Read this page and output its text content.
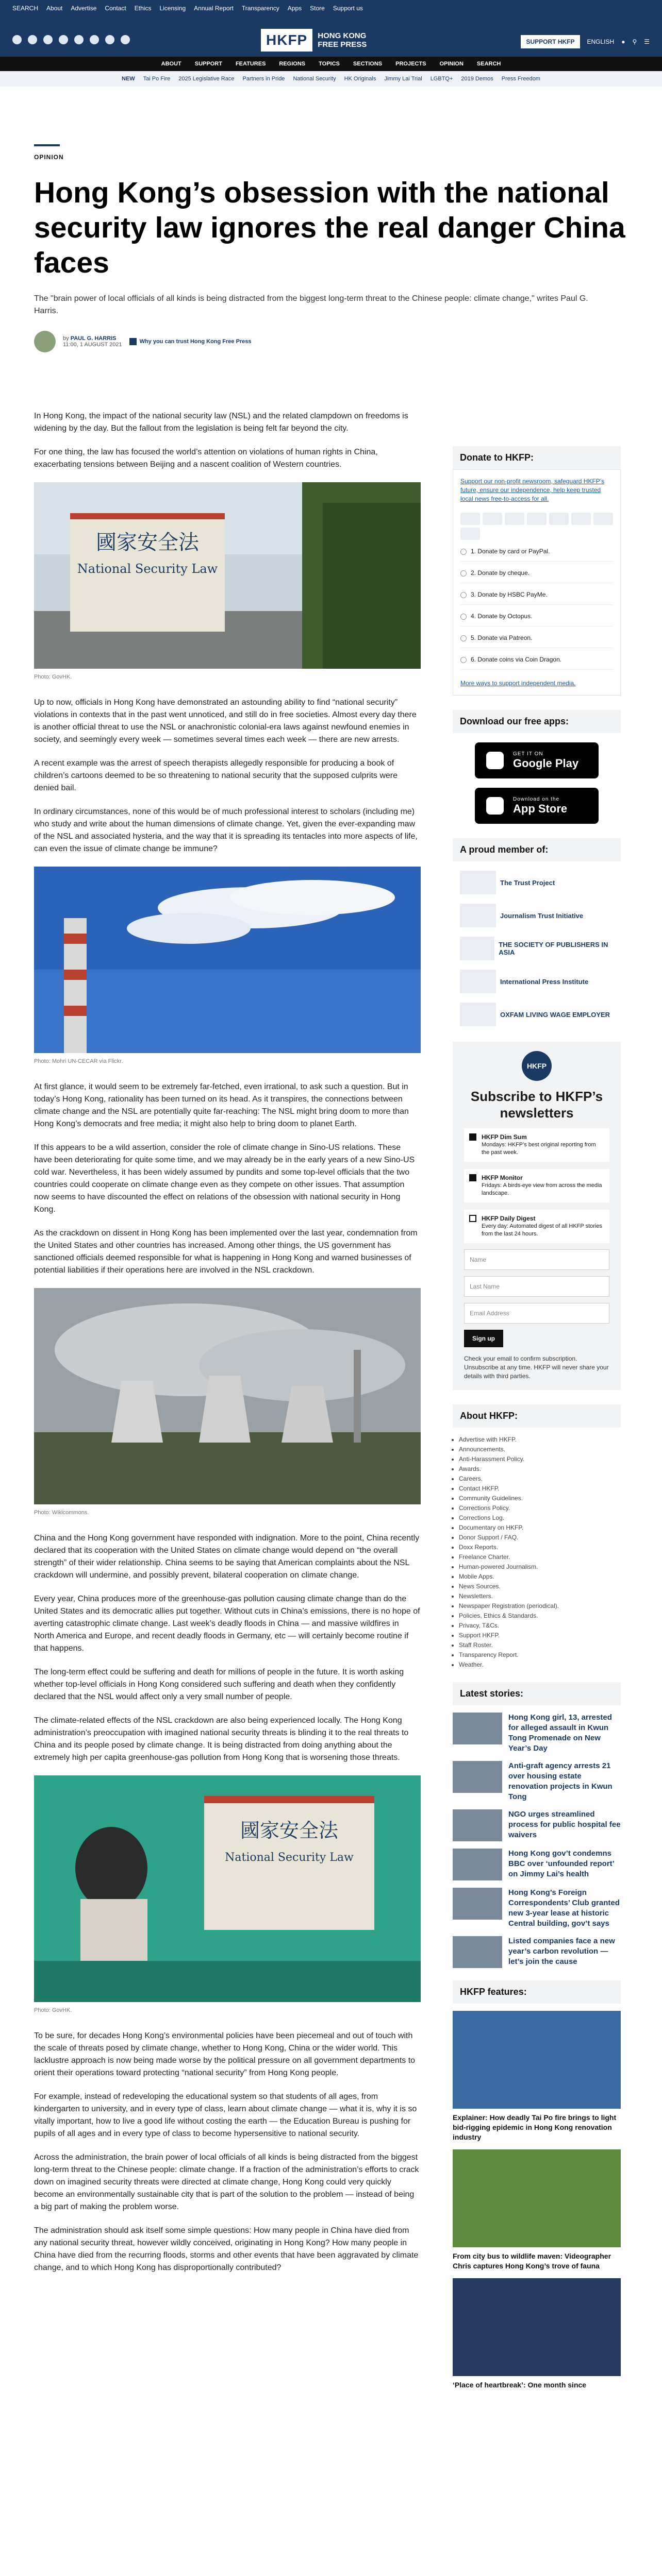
SEARCH About Advertise Contact Ethics Licensing Annual Report Transparency Apps Store Support us
HKFP	HONG KONG
FREE PRESS	SUPPORT HKFP	ENGLISH ● ⚲ ☰
ABOUT SUPPORT FEATURES REGIONS TOPICS SECTIONS PROJECTS OPINION SEARCH
NEW Tai Po Fire 2025 Legislative Race Partners in Pride National Security HK Originals Jimmy Lai Trial LGBTQ+ 2019 Demos Press Freedom
OPINION
Hong Kong’s obsession with the national security law ignores the real danger China faces
The "brain power of local officials of all kinds is being distracted from the biggest long-term threat to the Chinese people: climate change," writes Paul G. Harris.
by PAUL G. HARRIS
11:00, 1 AUGUST 2021	Why you can trust Hong Kong Free Press

In Hong Kong, the impact of the national security law (NSL) and the related clampdown on freedoms is widening by the day. But the fallout from the legislation is being felt far beyond the city.

For one thing, the law has focused the world’s attention on violations of human rights in China, exacerbating tensions between Beijing and a nascent coalition of Western countries.

國家安全法
National Security Law
Photo: GovHK.

Up to now, officials in Hong Kong have demonstrated an astounding ability to find “national security” violations in contexts that in the past went unnoticed, and still do in free societies. Almost every day there is another official threat to use the NSL or anachronistic colonial-era laws against newfound enemies in society, and seemingly every week — sometimes several times each week — there are new arrests.

A recent example was the arrest of speech therapists allegedly responsible for producing a book of children’s cartoons deemed to be so threatening to national security that the supposed culprits were denied bail.

In ordinary circumstances, none of this would be of much professional interest to scholars (including me) who study and write about the human dimensions of climate change. Yet, given the ever-expanding maw of the NSL and associated hysteria, and the way that it is spreading its tentacles into more aspects of life, can even the issue of climate change be immune?

Photo: Mohri UN-CECAR via Flickr.

At first glance, it would seem to be extremely far-fetched, even irrational, to ask such a question. But in today’s Hong Kong, rationality has been turned on its head. As it transpires, the connections between climate change and the NSL are potentially quite far-reaching: The NSL might bring doom to more than Hong Kong’s democrats and free media; it might also help to bring doom to planet Earth.

If this appears to be a wild assertion, consider the role of climate change in Sino-US relations. These have been deteriorating for quite some time, and we may already be in the early years of a new Sino-US cold war. Nevertheless, it has been widely assumed by pundits and some top-level officials that the two countries could cooperate on climate change even as they compete on other issues. That assumption now seems to have discounted the effect on relations of the obsession with national security in Hong Kong.

As the crackdown on dissent in Hong Kong has been implemented over the last year, condemnation from the United States and other countries has increased. Among other things, the US government has sanctioned officials deemed responsible for what is happening in Hong Kong and warned businesses of potential liabilities if their operations here are involved in the NSL crackdown.

Photo: Wikicommons.

China and the Hong Kong government have responded with indignation. More to the point, China recently declared that its cooperation with the United States on climate change would depend on “the overall strength” of their wider relationship. China seems to be saying that American complaints about the NSL crackdown will undermine, and possibly prevent, bilateral cooperation on climate change.

Every year, China produces more of the greenhouse-gas pollution causing climate change than do the United States and its democratic allies put together. Without cuts in China’s emissions, there is no hope of averting catastrophic climate change. Last week’s deadly floods in China — and massive wildfires in North America and Europe, and recent deadly floods in Germany, etc — will certainly become routine if that happens.

The long-term effect could be suffering and death for millions of people in the future. It is worth asking whether top-level officials in Hong Kong considered such suffering and death when they confidently declared that the NSL would affect only a very small number of people.

The climate-related effects of the NSL crackdown are also being experienced locally. The Hong Kong administration’s preoccupation with imagined national security threats is blinding it to the real threats to China and its people posed by climate change. It is being distracted from doing anything about the extremely high per capita greenhouse-gas pollution from Hong Kong that is worsening those threats.

國家安全法
National Security Law
Photo: GovHK.

To be sure, for decades Hong Kong’s environmental policies have been piecemeal and out of touch with the scale of threats posed by climate change, whether to Hong Kong, China or the wider world. This lacklustre approach is now being made worse by the political pressure on all government departments to orient their operations toward protecting “national security” from Hong Kong people.

For example, instead of redeveloping the educational system so that students of all ages, from kindergarten to university, and in every type of class, learn about climate change — what it is, why it is so vitally important, how to live a good life without costing the earth — the Education Bureau is pushing for pupils of all ages and in every type of class to become hypersensitive to national security.

Across the administration, the brain power of local officials of all kinds is being distracted from the biggest long-term threat to the Chinese people: climate change. If a fraction of the administration’s efforts to crack down on imagined security threats were directed at climate change, Hong Kong could very quickly become an environmentally sustainable city that is part of the solution to the problem — instead of being a big part of making the problem worse.

The administration should ask itself some simple questions: How many people in China have died from any national security threat, however wildly conceived, originating in Hong Kong? How many people in China have died from the recurring floods, storms and other events that have been aggravated by climate change, and to which Hong Kong has disproportionally contributed?

Donate to HKFP:
Support our non-profit newsroom, safeguard HKFP’s future, ensure our independence, help keep trusted local news free-to-access for all.
1. Donate by card or PayPal.
2. Donate by cheque.
3. Donate by HSBC PayMe.
4. Donate by Octopus.
5. Donate via Patreon.
6. Donate coins via Coin Dragon.
More ways to support independent media.
Download our free apps:
GET IT ON
Google Play
Download on the
App Store
A proud member of:
The Trust Project
Journalism Trust Initiative
THE SOCIETY OF PUBLISHERS IN ASIA
International Press Institute
OXFAM LIVING WAGE EMPLOYER
HKFP
Subscribe to HKFP’s newsletters
HKFP Dim Sum
Mondays: HKFP’s best original reporting from the past week.
HKFP Monitor
Fridays: A birds-eye view from across the media landscape.
HKFP Daily Digest
Every day: Automated digest of all HKFP stories from the last 24 hours.
Name
Last Name
Email Address
Sign up
Check your email to confirm subscription. Unsubscribe at any time. HKFP will never share your details with third parties.
About HKFP:
• Advertise with HKFP.
• Announcements.
• Anti-Harassment Policy.
• Awards.
• Careers.
• Contact HKFP.
• Community Guidelines.
• Corrections Policy.
• Corrections Log.
• Documentary on HKFP.
• Donor Support / FAQ.
• Doxx Reports.
• Freelance Charter.
• Human-powered Journalism.
• Mobile Apps.
• News Sources.
• Newsletters.
• Newspaper Registration (periodical).
• Policies, Ethics & Standards.
• Privacy, T&Cs.
• Support HKFP.
• Staff Roster.
• Transparency Report.
• Weather.
Latest stories:
Hong Kong girl, 13, arrested for alleged assault in Kwun Tong Promenade on New Year’s Day
Anti-graft agency arrests 21 over housing estate renovation projects in Kwun Tong
NGO urges streamlined process for public hospital fee waivers
Hong Kong gov’t condemns BBC over ‘unfounded report’ on Jimmy Lai’s health
Hong Kong’s Foreign Correspondents’ Club granted new 3-year lease at historic Central building, gov’t says
Listed companies face a new year’s carbon revolution — let’s join the cause
HKFP features:
Explainer: How deadly Tai Po fire brings to light bid-rigging epidemic in Hong Kong renovation industry
From city bus to wildlife maven: Videographer Chris captures Hong Kong’s trove of fauna
‘Place of heartbreak’: One month since
